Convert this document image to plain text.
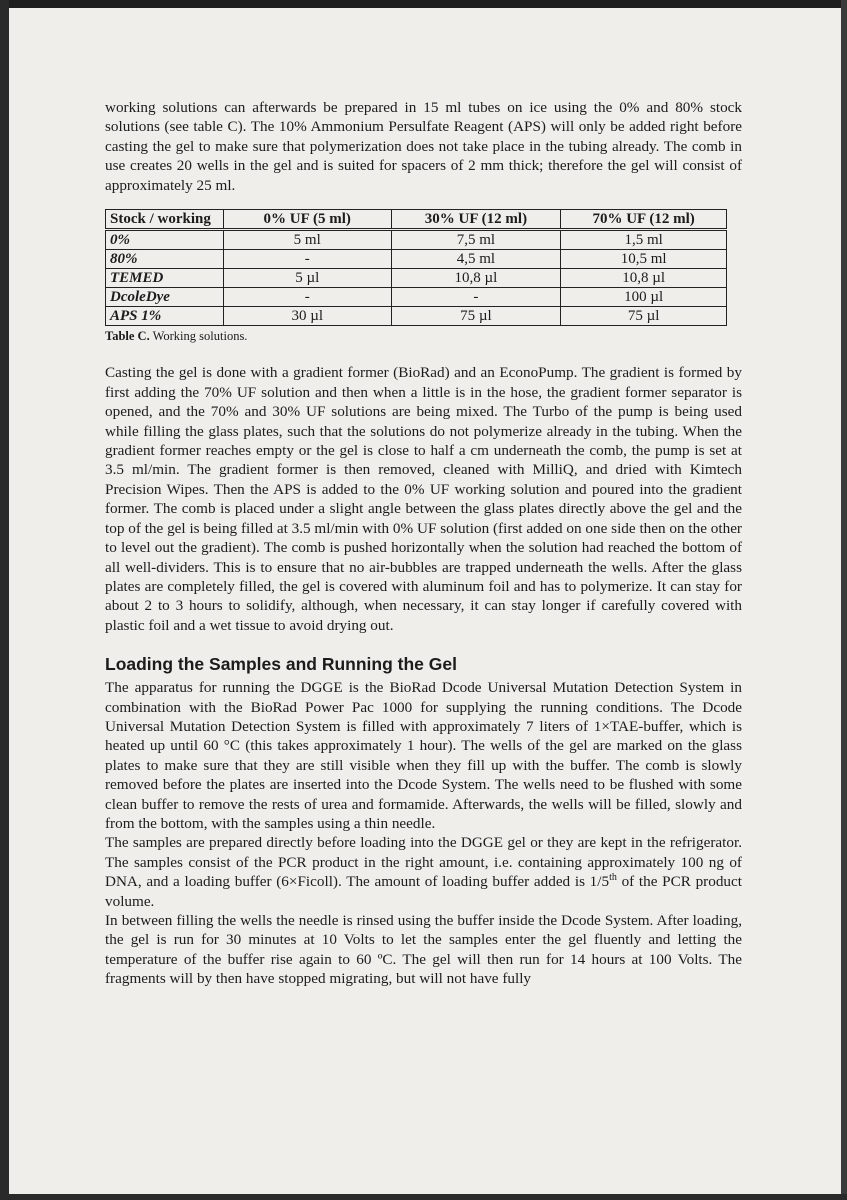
working solutions can afterwards be prepared in 15 ml tubes on ice using the 0% and 80% stock solutions (see table C). The 10% Ammonium Persulfate Reagent (APS) will only be added right before casting the gel to make sure that polymerization does not take place in the tubing already. The comb in use creates 20 wells in the gel and is suited for spacers of 2 mm thick; therefore the gel will consist of approximately 25 ml.

Stock / working	0% UF (5 ml)	30% UF (12 ml)	70% UF (12 ml)
0%	5 ml	7,5 ml	1,5 ml
80%	-	4,5 ml	10,5 ml
TEMED	5 µl	10,8 µl	10,8 µl
DcoleDye	-	-	100 µl
APS 1%	30 µl	75 µl	75 µl
Table C. Working solutions.

Casting the gel is done with a gradient former (BioRad) and an EconoPump. The gradient is formed by first adding the 70% UF solution and then when a little is in the hose, the gradient former separator is opened, and the 70% and 30% UF solutions are being mixed. The Turbo of the pump is being used while filling the glass plates, such that the solutions do not polymerize already in the tubing. When the gradient former reaches empty or the gel is close to half a cm underneath the comb, the pump is set at 3.5 ml/min. The gradient former is then removed, cleaned with MilliQ, and dried with Kimtech Precision Wipes. Then the APS is added to the 0% UF working solution and poured into the gradient former. The comb is placed under a slight angle between the glass plates directly above the gel and the top of the gel is being filled at 3.5 ml/min with 0% UF solution (first added on one side then on the other to level out the gradient). The comb is pushed horizontally when the solution had reached the bottom of all well-dividers. This is to ensure that no air-bubbles are trapped underneath the wells. After the glass plates are completely filled, the gel is covered with aluminum foil and has to polymerize. It can stay for about 2 to 3 hours to solidify, although, when necessary, it can stay longer if carefully covered with plastic foil and a wet tissue to avoid drying out.

Loading the Samples and Running the Gel

The apparatus for running the DGGE is the BioRad Dcode Universal Mutation Detection System in combination with the BioRad Power Pac 1000 for supplying the running conditions. The Dcode Universal Mutation Detection System is filled with approximately 7 liters of 1×TAE-buffer, which is heated up until 60 °C (this takes approximately 1 hour). The wells of the gel are marked on the glass plates to make sure that they are still visible when they fill up with the buffer. The comb is slowly removed before the plates are inserted into the Dcode System. The wells need to be flushed with some clean buffer to remove the rests of urea and formamide. Afterwards, the wells will be filled, slowly and from the bottom, with the samples using a thin needle.

The samples are prepared directly before loading into the DGGE gel or they are kept in the refrigerator. The samples consist of the PCR product in the right amount, i.e. containing approximately 100 ng of DNA, and a loading buffer (6×Ficoll). The amount of loading buffer added is 1/5th of the PCR product volume.

In between filling the wells the needle is rinsed using the buffer inside the Dcode System. After loading, the gel is run for 30 minutes at 10 Volts to let the samples enter the gel fluently and letting the temperature of the buffer rise again to 60 ºC. The gel will then run for 14 hours at 100 Volts. The fragments will by then have stopped migrating, but will not have fully
